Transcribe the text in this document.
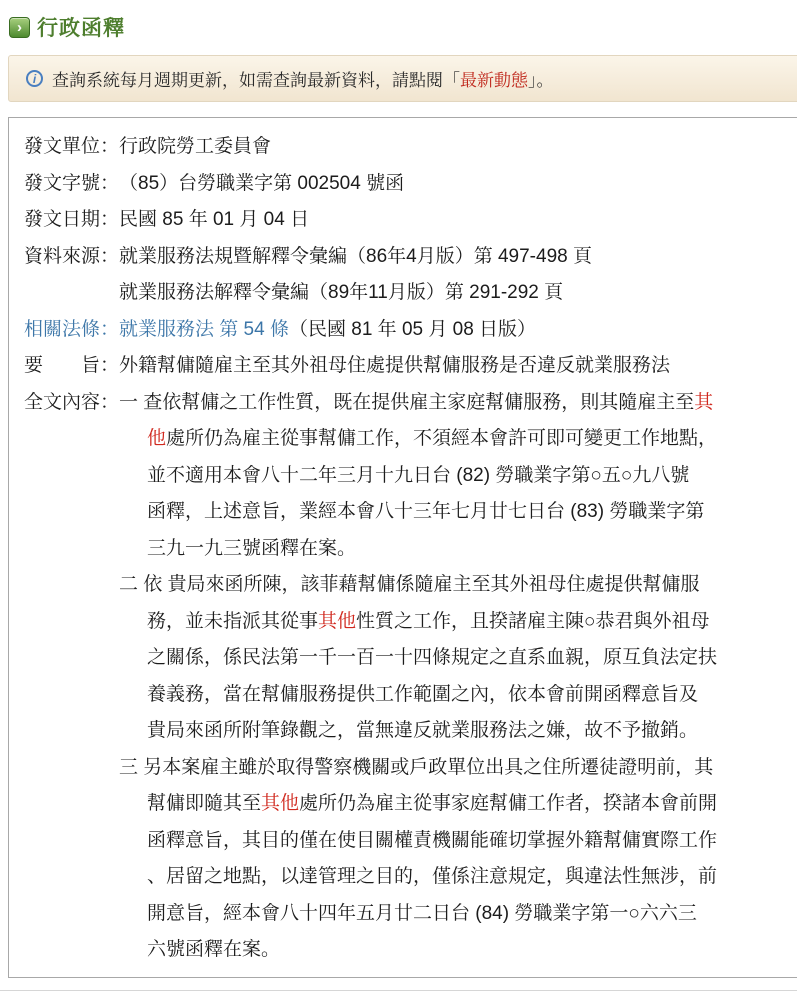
› 行政函釋
i 查詢系統每月週期更新，如需查詢最新資料，請點閱「最新動態」。
發文單位： 行政院勞工委員會
發文字號： （85）台勞職業字第 002504 號函
發文日期： 民國 85 年 01 月 04 日
資料來源： 就業服務法規暨解釋令彙編（86年4月版）第 497-498 頁
就業服務法解釋令彙編（89年11月版）第 291-292 頁
相關法條： 就業服務法 第 54 條（民國 81 年 05 月 08 日版）
要　　旨： 外籍幫傭隨雇主至其外祖母住處提供幫傭服務是否違反就業服務法
全文內容： 一 查依幫傭之工作性質，既在提供雇主家庭幫傭服務，則其隨雇主至其
他處所仍為雇主從事幫傭工作，不須經本會許可即可變更工作地點，
並不適用本會八十二年三月十九日台 (82) 勞職業字第○五○九八號
函釋，上述意旨，業經本會八十三年七月廿七日台 (83) 勞職業字第
三九一九三號函釋在案。
二 依 貴局來函所陳，該菲藉幫傭係隨雇主至其外祖母住處提供幫傭服
務，並未指派其從事其他性質之工作，且揆諸雇主陳○恭君與外祖母
之關係，係民法第一千一百一十四條規定之直系血親，原互負法定扶
養義務，當在幫傭服務提供工作範圍之內，依本會前開函釋意旨及
貴局來函所附筆錄觀之，當無違反就業服務法之嫌，故不予撤銷。
三 另本案雇主雖於取得警察機關或戶政單位出具之住所遷徒證明前，其
幫傭即隨其至其他處所仍為雇主從事家庭幫傭工作者，揆諸本會前開
函釋意旨，其目的僅在使目關權責機關能確切掌握外籍幫傭實際工作
、居留之地點，以達管理之目的，僅係注意規定，與違法性無涉，前
開意旨，經本會八十四年五月廿二日台 (84) 勞職業字第一○六六三
六號函釋在案。
